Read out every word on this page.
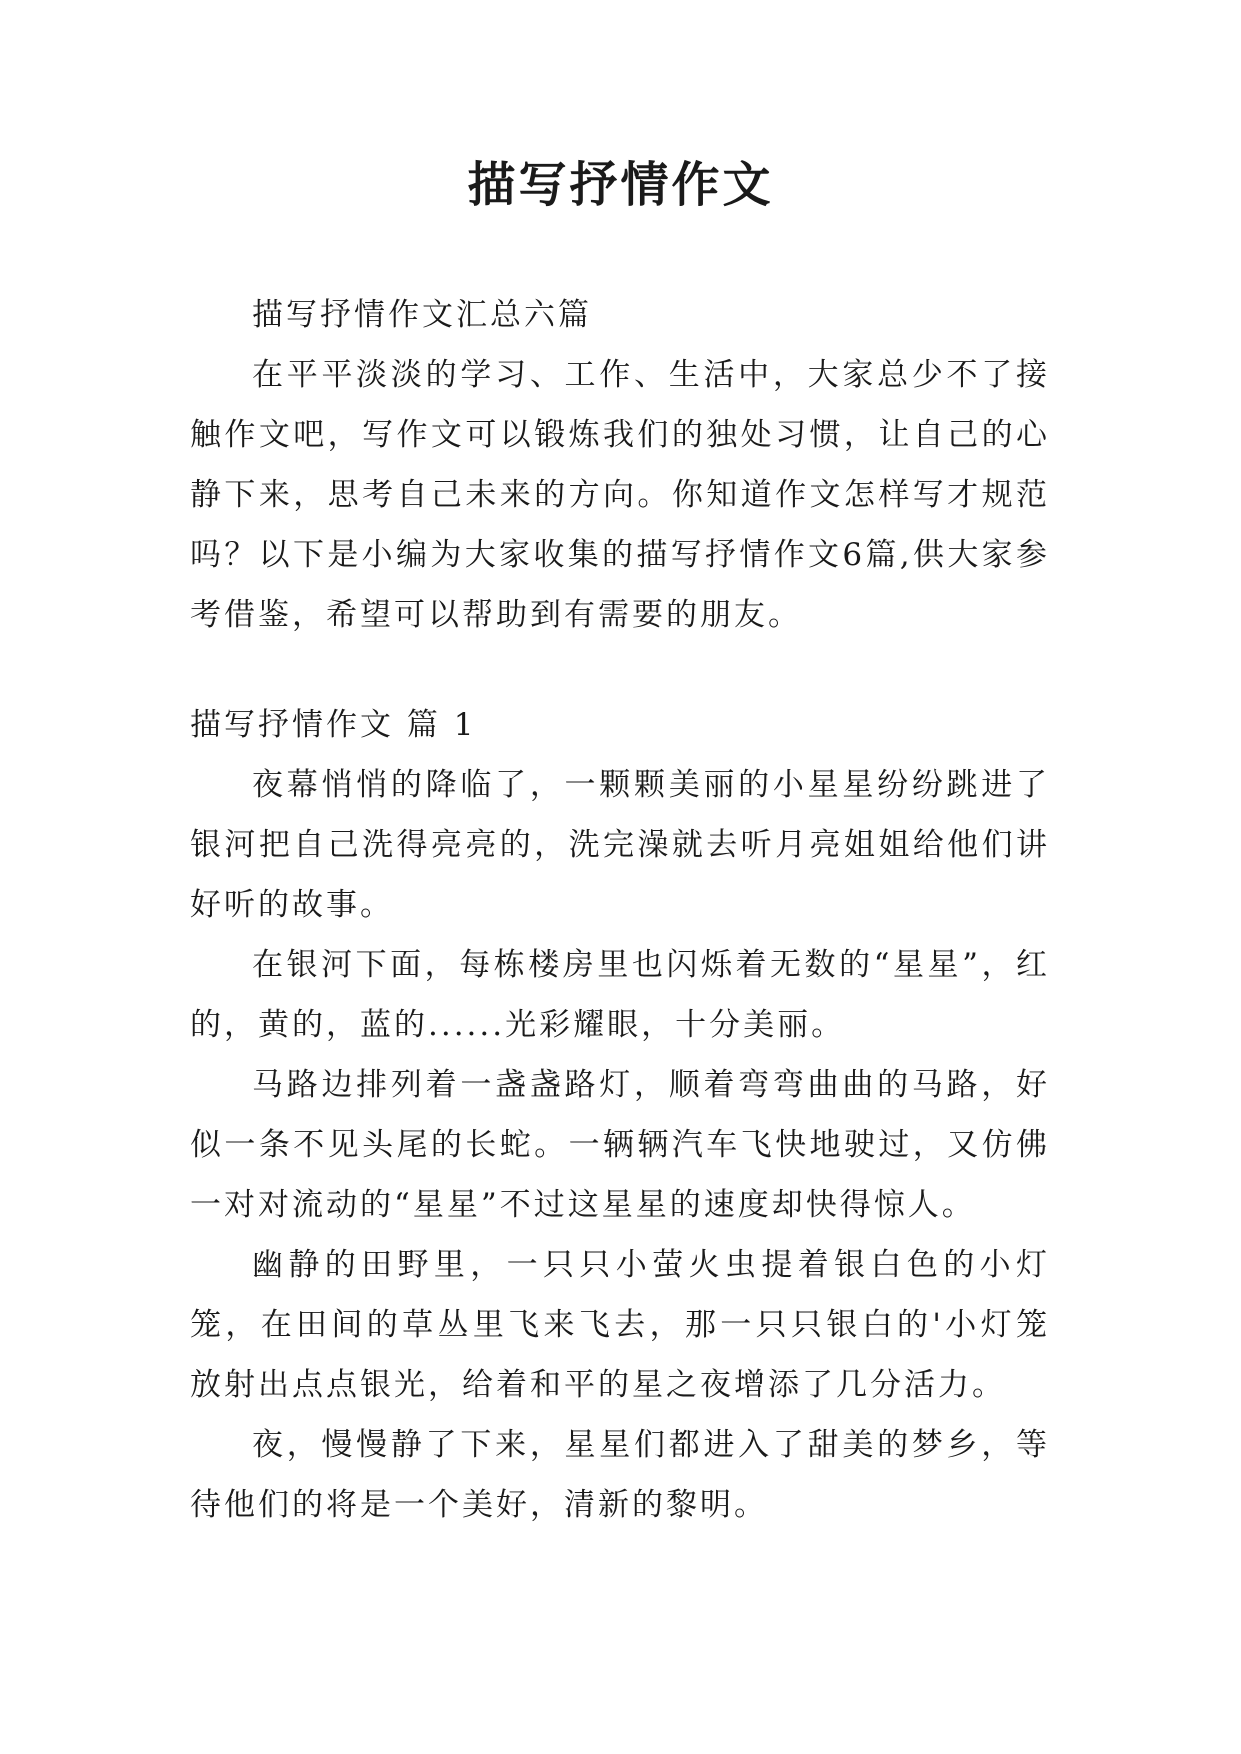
描写抒情作文

描写抒情作文汇总六篇

在平平淡淡的学习、工作、生活中，大家总少不了接触作文吧，写作文可以锻炼我们的独处习惯，让自己的心静下来，思考自己未来的方向。你知道作文怎样写才规范吗？以下是小编为大家收集的描写抒情作文6篇,供大家参考借鉴，希望可以帮助到有需要的朋友。

描写抒情作文 篇 1

夜幕悄悄的降临了，一颗颗美丽的小星星纷纷跳进了银河把自己洗得亮亮的，洗完澡就去听月亮姐姐给他们讲好听的故事。

在银河下面，每栋楼房里也闪烁着无数的“星星”，红的，黄的，蓝的......光彩耀眼，十分美丽。

马路边排列着一盏盏路灯，顺着弯弯曲曲的马路，好似一条不见头尾的长蛇。一辆辆汽车飞快地驶过，又仿佛一对对流动的“星星”不过这星星的速度却快得惊人。

幽静的田野里，一只只小萤火虫提着银白色的小灯笼，在田间的草丛里飞来飞去，那一只只银白的'小灯笼放射出点点银光，给着和平的星之夜增添了几分活力。

夜，慢慢静了下来，星星们都进入了甜美的梦乡，等待他们的将是一个美好，清新的黎明。
